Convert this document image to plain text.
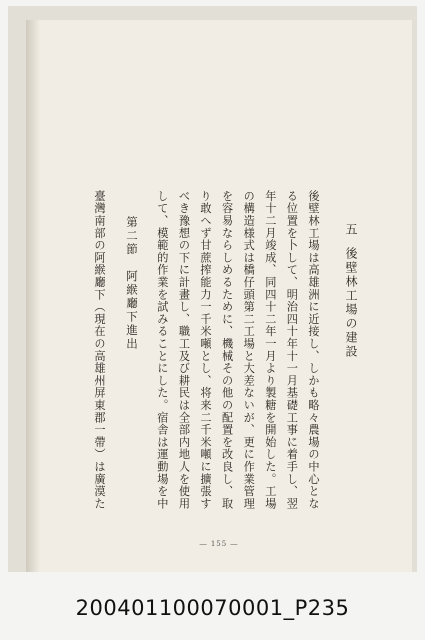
五後壁林工場の建設

後壁林工場は高雄洲に近接し、しかも略々農場の中心となる位置を卜して、明治四十年十一月基礎工事に着手し、翌年十二月竣成、同四十二年一月より製糖を開始した。工場の構造様式は橋仔頭第二工場と大差ないが、更に作業管理を容易ならしめるために、機械その他の配置を改良し、取り敢へず甘蔗搾能力一千米噸とし、将来二千米噸に擴張すべき豫想の下に計畫し、職工及び耕民は全部内地人を使用して、模範的作業を試みることにした。宿舎は運動場を中

第二節　阿緱廳下進出

臺灣南部の阿緱廳下（現在の高雄州屏東郡一帶）は廣漠た

― 155 ―
200401100070001_P235
